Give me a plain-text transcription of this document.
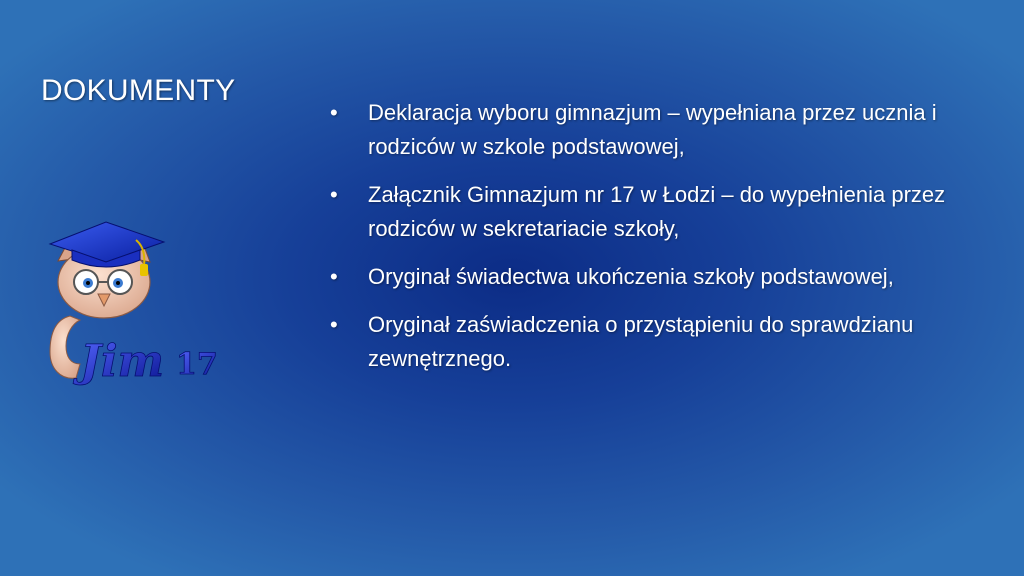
DOKUMENTY
Jim 17
•	Deklaracja wyboru gimnazjum – wypełniana przez ucznia i rodziców w szkole podstawowej,
•	Załącznik Gimnazjum nr 17 w Łodzi – do wypełnienia przez rodziców w sekretariacie szkoły,
•	Oryginał świadectwa ukończenia szkoły podstawowej,
•	Oryginał zaświadczenia o przystąpieniu do sprawdzianu zewnętrznego.
